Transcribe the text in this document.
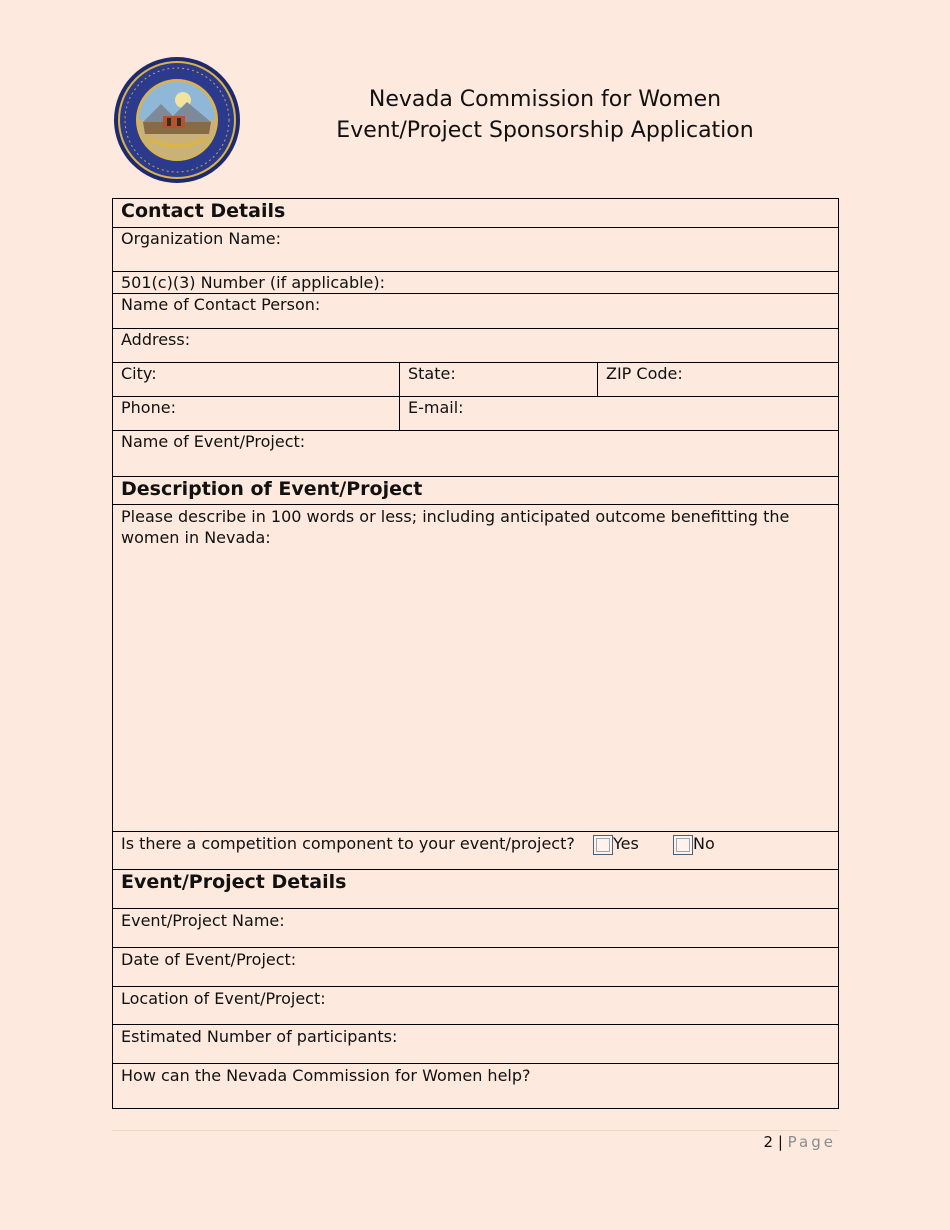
Nevada Commission for Women
Event/Project Sponsorship Application
Contact Details
Organization Name:
501(c)(3) Number (if applicable):
Name of Contact Person:
Address:
City:	State:	ZIP Code:
Phone:	E-mail:
Name of Event/Project:
Description of Event/Project
Please describe in 100 words or less; including anticipated outcome benefitting the women in Nevada:
Is there a competition component to your event/project?	Yes	No
Event/Project Details
Event/Project Name:
Date of Event/Project:
Location of Event/Project:
Estimated Number of participants:
How can the Nevada Commission for Women help?
2 | Page
